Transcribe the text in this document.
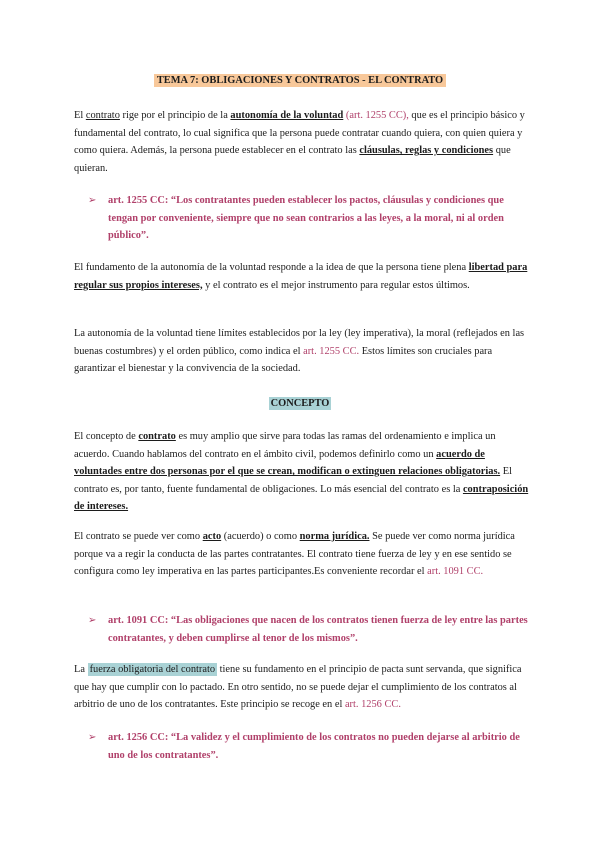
TEMA 7: OBLIGACIONES Y CONTRATOS - EL CONTRATO

El contrato rige por el principio de la autonomía de la voluntad (art. 1255 CC), que es el principio básico y fundamental del contrato, lo cual significa que la persona puede contratar cuando quiera, con quien quiera y como quiera. Además, la persona puede establecer en el contrato las cláusulas, reglas y condiciones que quieran.

➢ art. 1255 CC: “Los contratantes pueden establecer los pactos, cláusulas y condiciones que tengan por conveniente, siempre que no sean contrarios a las leyes, a la moral, ni al orden público”.

El fundamento de la autonomía de la voluntad responde a la idea de que la persona tiene plena libertad para regular sus propios intereses, y el contrato es el mejor instrumento para regular estos últimos.

La autonomía de la voluntad tiene límites establecidos por la ley (ley imperativa), la moral (reflejados en las buenas costumbres) y el orden público, como indica el art. 1255 CC. Estos límites son cruciales para garantizar el bienestar y la convivencia de la sociedad.

CONCEPTO

El concepto de contrato es muy amplio que sirve para todas las ramas del ordenamiento e implica un acuerdo. Cuando hablamos del contrato en el ámbito civil, podemos definirlo como un acuerdo de voluntades entre dos personas por el que se crean, modifican o extinguen relaciones obligatorias. El contrato es, por tanto, fuente fundamental de obligaciones. Lo más esencial del contrato es la contraposición de intereses.

El contrato se puede ver como acto (acuerdo) o como norma jurídica. Se puede ver como norma jurídica porque va a regir la conducta de las partes contratantes. El contrato tiene fuerza de ley y en ese sentido se configura como ley imperativa en las partes participantes.Es conveniente recordar el art. 1091 CC.

➢ art. 1091 CC: “Las obligaciones que nacen de los contratos tienen fuerza de ley entre las partes contratantes, y deben cumplirse al tenor de los mismos”.

La fuerza obligatoria del contrato tiene su fundamento en el principio de pacta sunt servanda, que significa que hay que cumplir con lo pactado. En otro sentido, no se puede dejar el cumplimiento de los contratos al arbitrio de uno de los contratantes. Este principio se recoge en el art. 1256 CC.

➢ art. 1256 CC: “La validez y el cumplimiento de los contratos no pueden dejarse al arbitrio de uno de los contratantes”.
